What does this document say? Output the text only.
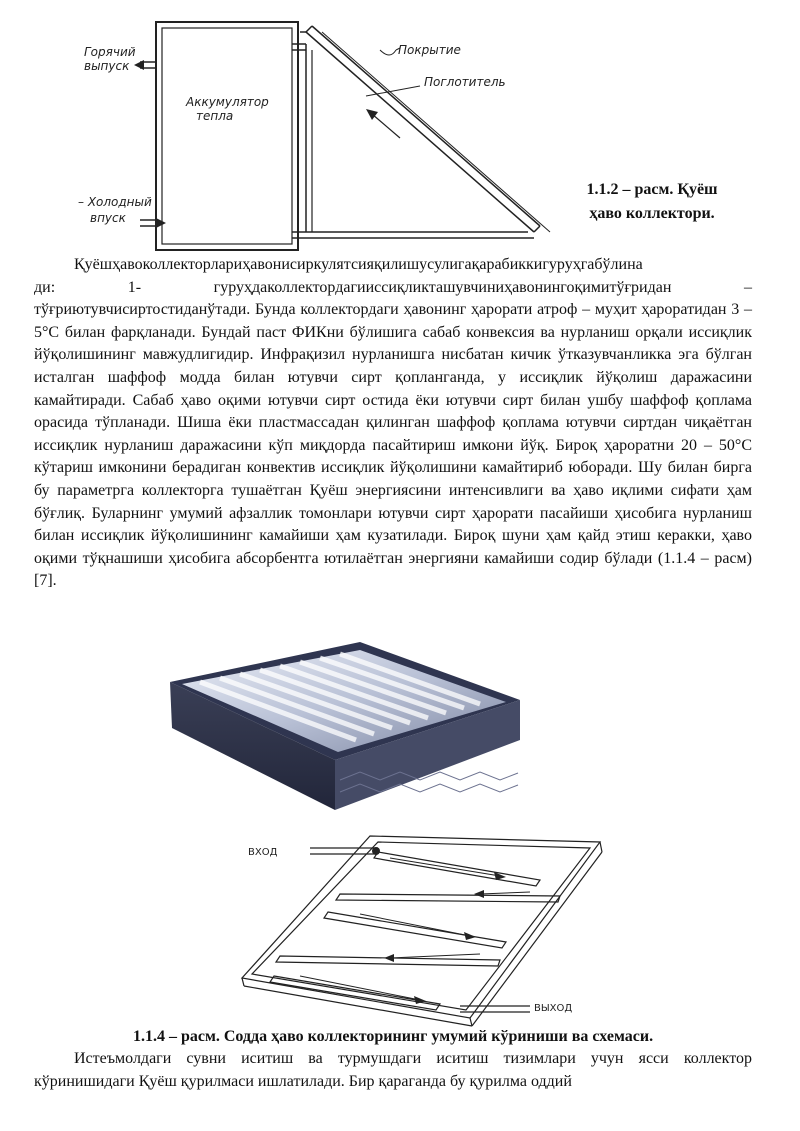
Горячий выпуск
Аккумулятор тепла
– Холодный впуск
Покрытие
Поглотитель
1.1.2 – расм. Қуёш
ҳаво коллектори.

Қуёшҳавоколлекторлариҳавонисиркулятсияқилишусулигақарабиккигуруҳгабўлина
ди: 1- гуруҳдаколлектордагииссиқликташувчиниҳавонингоқимитўғридан –
тўғриютувчисиртостиданўтади. Бунда коллектордаги ҳавонинг ҳарорати атроф – муҳит ҳароратидан 3 – 5°С билан фарқланади. Бундай паст ФИКни бўлишига сабаб конвексия ва нурланиш орқали иссиқлик йўқолишининг мавжудлигидир. Инфрақизил нурланишга нисбатан кичик ўтказувчанликка эга бўлган исталган шаффоф модда билан ютувчи сирт қопланганда, у иссиқлик йўқолиш даражасини камайтиради. Сабаб ҳаво оқими ютувчи сирт остида ёки ютувчи сирт билан ушбу шаффоф қоплама орасида тўпланади. Шиша ёки пластмассадан қилинган шаффоф қоплама ютувчи сиртдан чиқаётган иссиқлик нурланиш даражасини кўп миқдорда пасайтириш имкони йўқ. Бироқ ҳароратни 20 – 50°С кўтариш имконини берадиган конвектив иссиқлик йўқолишини камайтириб юборади. Шу билан бирга бу параметрга коллекторга тушаётган Қуёш энергиясини интенсивлиги ва ҳаво иқлими сифати ҳам бўғлиқ. Буларнинг умумий афзаллик томонлари ютувчи сирт ҳарорати пасайиши ҳисобига нурланиш билан иссиқлик йўқолишининг камайиши ҳам кузатилади. Бироқ шуни ҳам қайд этиш керакки, ҳаво оқими тўқнашиши ҳисобига абсорбентга ютилаётган энергияни камайиши содир бўлади (1.1.4 – расм) [7].

ВХОД
ВЫХОД
1.1.4 – расм. Содда ҳаво коллекторининг умумий кўриниши ва схемаси.

Истеъмолдаги сувни иситиш ва турмушдаги иситиш тизимлари учун ясси коллектор кўринишидаги Қуёш қурилмаси ишлатилади. Бир қараганда бу қурилма оддий
